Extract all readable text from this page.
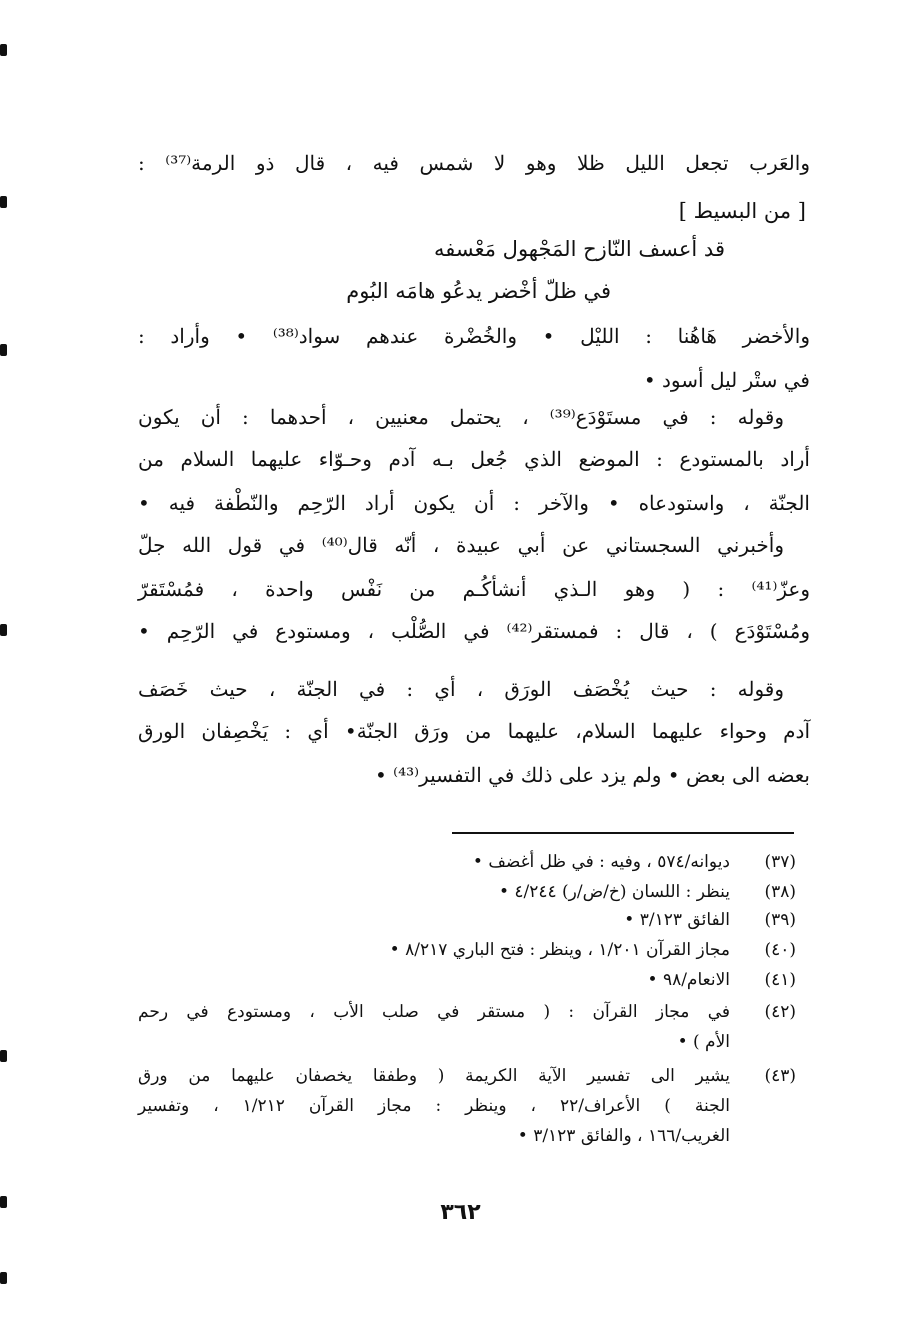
والعَرب تجعل الليل ظلا وهو لا شمس فيه ، قال ذو الرمة⁽³⁷⁾ :
[ من البسيط ]
قد أعسف النّازح المَجْهول مَعْسفه
في ظلّ أخْضر يدعُو هامَه البُوم
والأخضر هَاهُنا : الليْل • والخُضْرة عندهم سواد⁽³⁸⁾ • وأراد :
في ستْر ليل أسود •
وقوله : في مستَوْدَع⁽³⁹⁾ ، يحتمل معنيين ، أحدهما : أن يكون
أراد بالمستودع : الموضع الذي جُعل بـه آدم وحـوّاء عليهما السلام من
الجنّة ، واستودعاه • والآخر : أن يكون أراد الرّحِم والنّطْفة فيه •
وأخبرني السجستاني عن أبي عبيدة ، أنّه قال⁽⁴⁰⁾ في قول الله جلّ
وعزّ⁽⁴¹⁾ : ( وهو الـذي أنشأكُـم من نَفْس واحدة ، فمُسْتَقرّ
ومُسْتَوْدَع ) ، قال : فمستقر⁽⁴²⁾ في الصُّلْب ، ومستودع في الرّحِم •
وقوله : حيث يُخْصَف الورَق ، أي : في الجنّة ، حيث خَصَف
آدم وحواء عليهما السلام، عليهما من ورَق الجنّة• أي : يَخْصِفان الورق
بعضه الى بعض • ولم يزد على ذلك في التفسير⁽⁴³⁾ •
(٣٧)
ديوانه/٥٧٤ ، وفيه : في ظل أغضف •
(٣٨)
ينظر : اللسان (خ/ض/ر) ٤/٢٤٤ •
(٣٩)
الفائق ٣/١٢٣ •
(٤٠)
مجاز القرآن ١/٢٠١ ، وينظر : فتح الباري ٨/٢١٧ •
(٤١)
الانعام/٩٨ •
(٤٢)
في مجاز القرآن : ( مستقر في صلب الأب ، ومستودع في رحم
الأم ) •
(٤٣)
يشير الى تفسير الآية الكريمة ( وطفقا يخصفان عليهما من ورق
الجنة ) الأعراف/٢٢ ، وينظر : مجاز القرآن ١/٢١٢ ، وتفسير
الغريب/١٦٦ ، والفائق ٣/١٢٣ •
٣٦٢
